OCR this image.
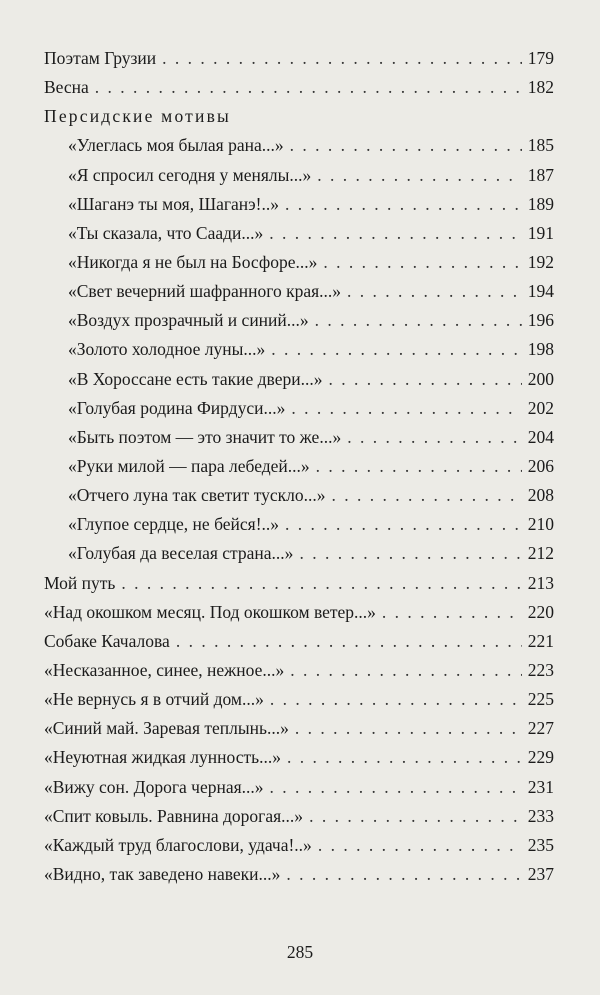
Поэтам Грузии . . .	179
Весна . . .	182
Персидские мотивы
«Улеглась моя былая рана...» . . .	185
«Я спросил сегодня у менялы...» . . .	187
«Шаганэ ты моя, Шаганэ!..» . . .	189
«Ты сказала, что Саади...» . . .	191
«Никогда я не был на Босфоре...» . . .	192
«Свет вечерний шафранного края...» . . .	194
«Воздух прозрачный и синий...» . . .	196
«Золото холодное луны...» . . .	198
«В Хороссане есть такие двери...» . . .	200
«Голубая родина Фирдуси...» . . .	202
«Быть поэтом — это значит то же...» . . .	204
«Руки милой — пара лебедей...» . . .	206
«Отчего луна так светит тускло...» . . .	208
«Глупое сердце, не бейся!..» . . .	210
«Голубая да веселая страна...» . . .	212
Мой путь . . .	213
«Над окошком месяц. Под окошком ветер...» . . .	220
Собаке Качалова . . .	221
«Несказанное, синее, нежное...» . . .	223
«Не вернусь я в отчий дом...» . . .	225
«Синий май. Заревая теплынь...» . . .	227
«Неуютная жидкая лунность...» . . .	229
«Вижу сон. Дорога черная...» . . .	231
«Спит ковыль. Равнина дорогая...» . . .	233
«Каждый труд благослови, удача!..» . . .	235
«Видно, так заведено навеки...» . . .	237
285
